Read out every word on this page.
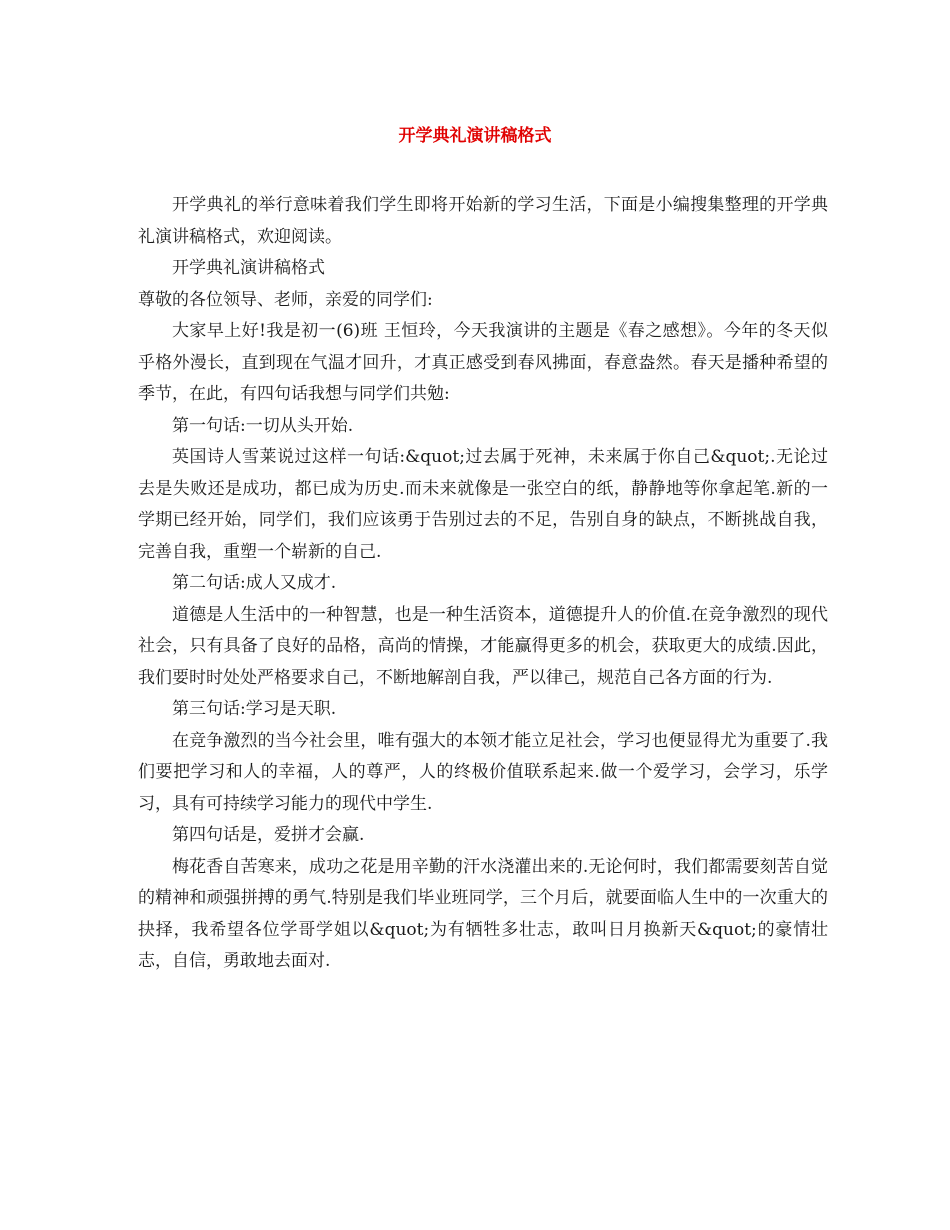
开学典礼演讲稿格式

开学典礼的举行意味着我们学生即将开始新的学习生活，下面是小编搜集整理的开学典礼演讲稿格式，欢迎阅读。

开学典礼演讲稿格式

尊敬的各位领导、老师，亲爱的同学们:

大家早上好!我是初一(6)班 王恒玲，今天我演讲的主题是《春之感想》。今年的冬天似乎格外漫长，直到现在气温才回升，才真正感受到春风拂面，春意盎然。春天是播种希望的季节，在此，有四句话我想与同学们共勉:

第一句话:一切从头开始.

英国诗人雪莱说过这样一句话:&quot;过去属于死神，未来属于你自己&quot;.无论过去是失败还是成功，都已成为历史.而未来就像是一张空白的纸，静静地等你拿起笔.新的一学期已经开始，同学们，我们应该勇于告别过去的不足，告别自身的缺点，不断挑战自我，完善自我，重塑一个崭新的自己.

第二句话:成人又成才.

道德是人生活中的一种智慧，也是一种生活资本，道德提升人的价值.在竞争激烈的现代社会，只有具备了良好的品格，高尚的情操，才能赢得更多的机会，获取更大的成绩.因此，我们要时时处处严格要求自己，不断地解剖自我，严以律己，规范自己各方面的行为.

第三句话:学习是天职.

在竞争激烈的当今社会里，唯有强大的本领才能立足社会，学习也便显得尤为重要了.我们要把学习和人的幸福，人的尊严，人的终极价值联系起来.做一个爱学习，会学习，乐学习，具有可持续学习能力的现代中学生.

第四句话是，爱拼才会赢.

梅花香自苦寒来，成功之花是用辛勤的汗水浇灌出来的.无论何时，我们都需要刻苦自觉的精神和顽强拼搏的勇气.特别是我们毕业班同学，三个月后，就要面临人生中的一次重大的抉择，我希望各位学哥学姐以&quot;为有牺牲多壮志，敢叫日月换新天&quot;的豪情壮志，自信，勇敢地去面对.
